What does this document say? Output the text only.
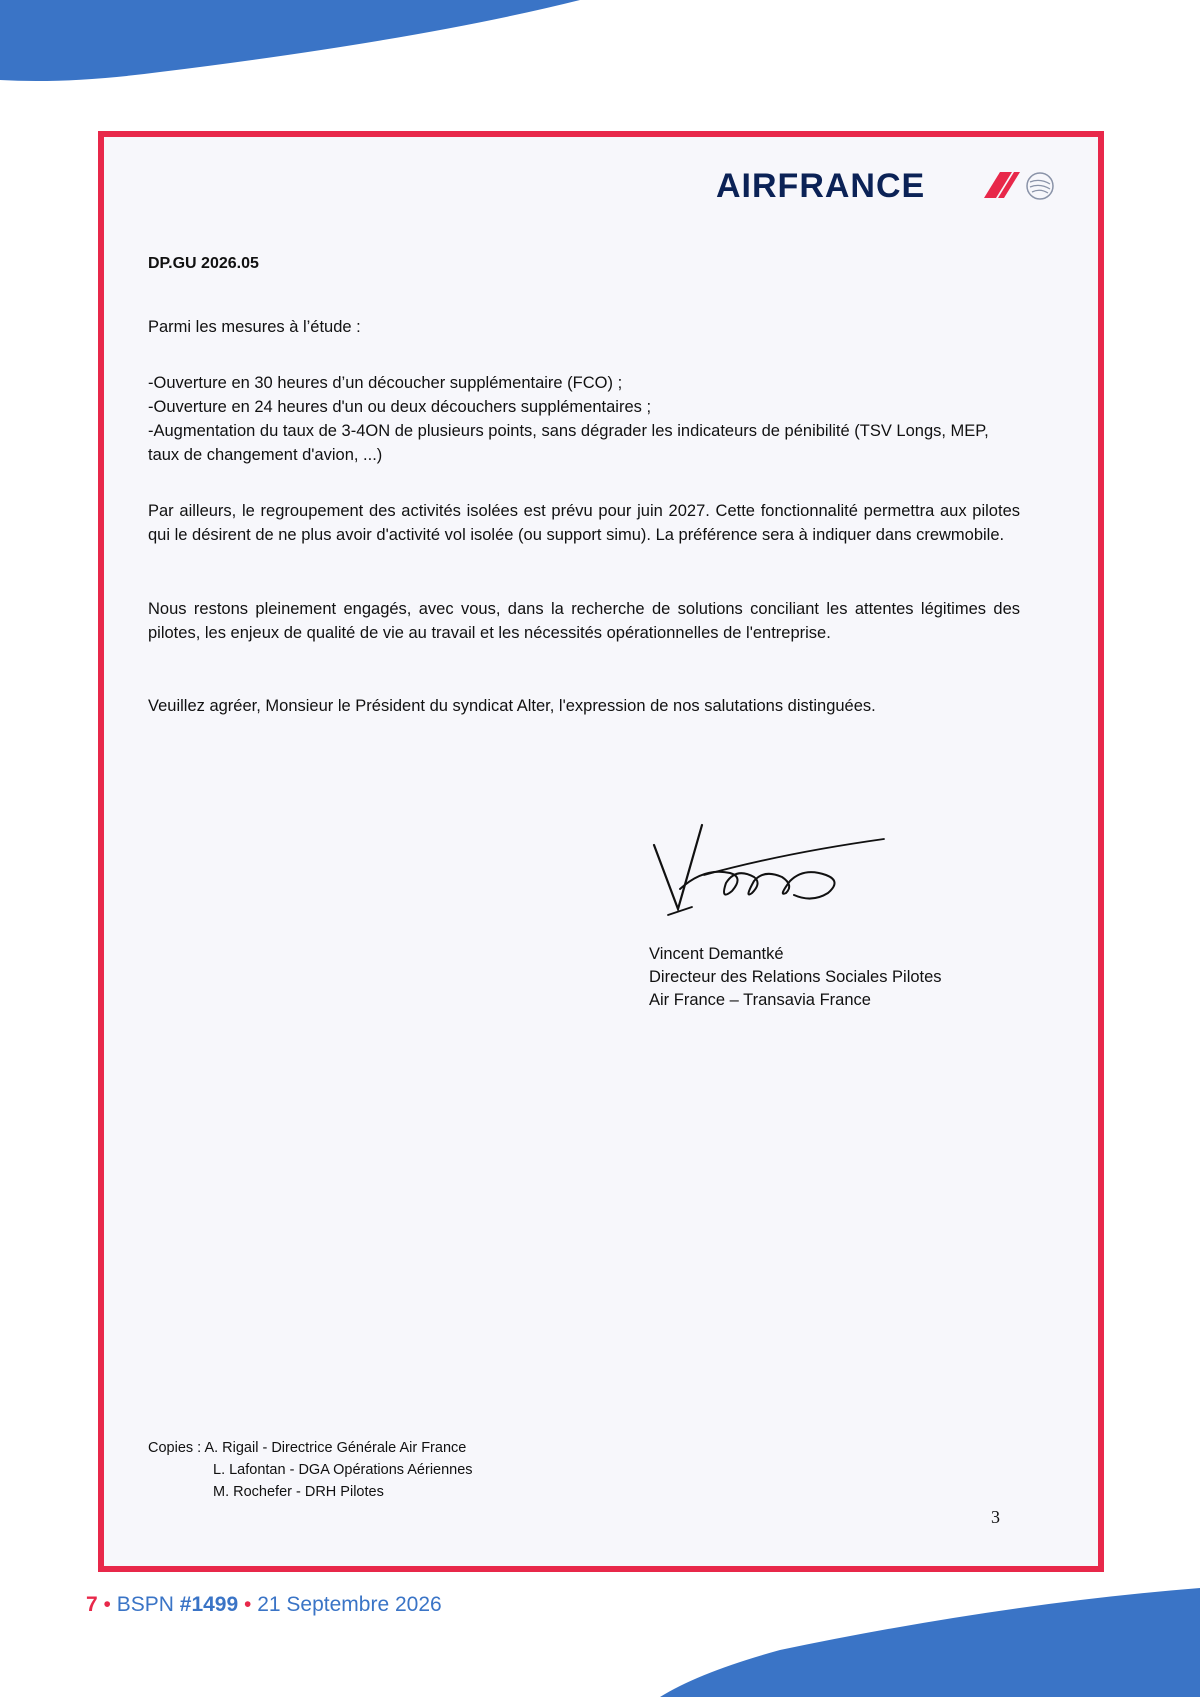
AIRFRANCE

DP.GU 2026.05

Parmi les mesures à l’étude :

-Ouverture en 30 heures d’un découcher supplémentaire (FCO) ;
-Ouverture en 24 heures d'un ou deux découchers supplémentaires ;
-Augmentation du taux de 3-4ON de plusieurs points, sans dégrader les indicateurs de pénibilité (TSV Longs, MEP, taux de changement d'avion, ...)

Par ailleurs, le regroupement des activités isolées est prévu pour juin 2027. Cette fonctionnalité permettra aux pilotes qui le désirent de ne plus avoir d'activité vol isolée (ou support simu). La préférence sera à indiquer dans crewmobile.

Nous restons pleinement engagés, avec vous, dans la recherche de solutions conciliant les attentes légitimes des pilotes, les enjeux de qualité de vie au travail et les nécessités opérationnelles de l'entreprise.

Veuillez agréer, Monsieur le Président du syndicat Alter, l'expression de nos salutations distinguées.

Vincent Demantké
Directeur des Relations Sociales Pilotes
Air France – Transavia France
Copies : A. Rigail - Directrice Générale Air France
L. Lafontan - DGA Opérations Aériennes
M. Rochefer - DRH Pilotes
3
7 • BSPN #1499 • 21 Septembre 2026
